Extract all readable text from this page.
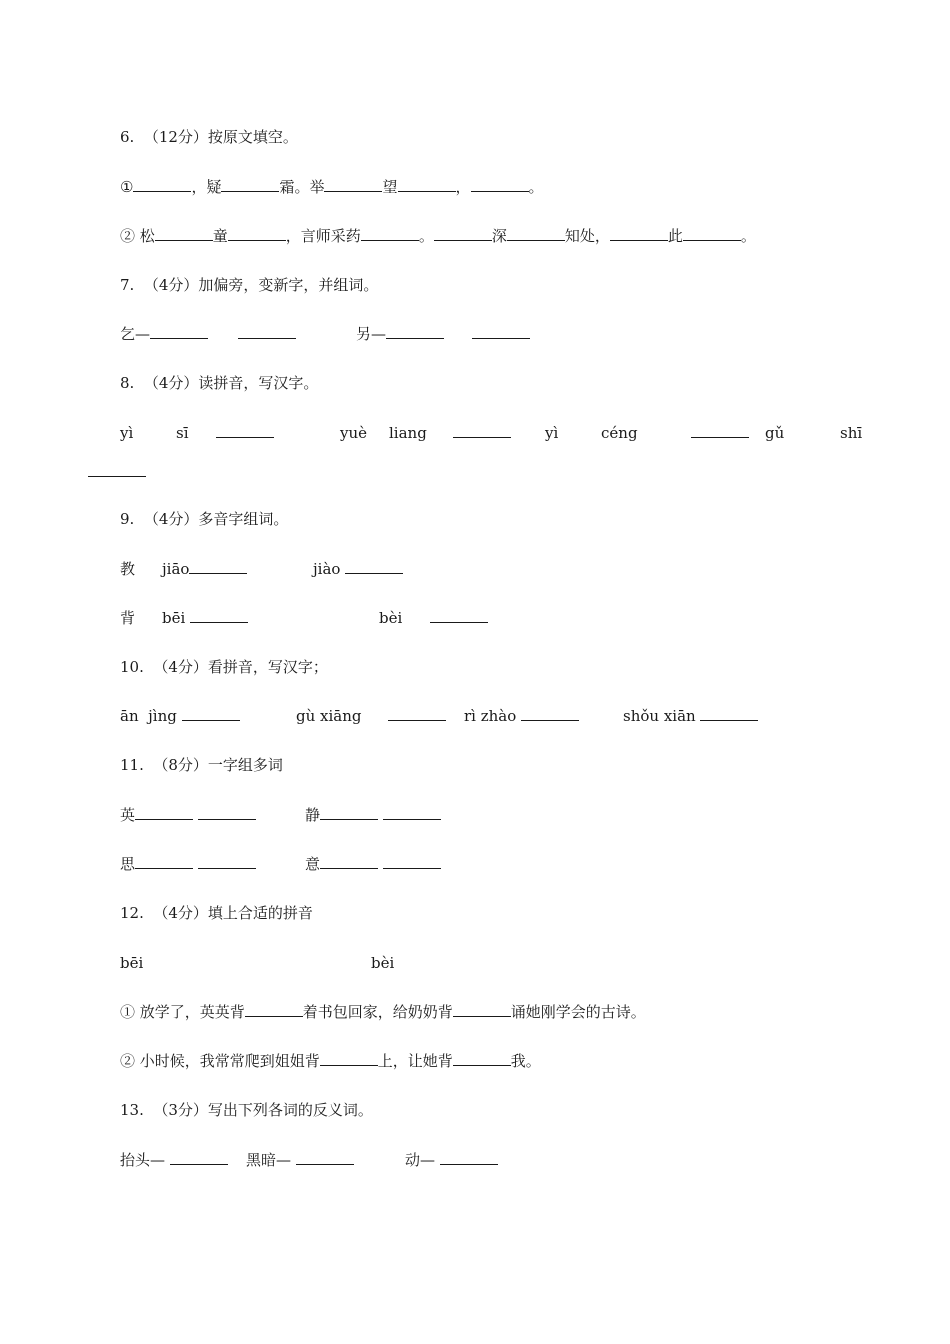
6.  （12分）按原文填空。
①	，疑	霜。举	望	，	。
② 松	童	，言师采药	。	深	知处，	此	。
7.  （4分）加偏旁，变新字，并组词。
乞—	另—
8.  （4分）读拼音，写汉字。
yì	sī	yuè liang	yì	céng	gǔ	shī
9.  （4分）多音字组词。
教 jiāo	jiào
背 bēi	bèi
10.  （4分）看拼音，写汉字；
ān  jìng	gù xiāng	rì zhào	shǒu xiān
11.  （8分）一字组多词
英	静
思	意
12.  （4分）填上合适的拼音
bēi	bèi
① 放学了，英英背	着书包回家，给奶奶背	诵她刚学会的古诗。
② 小时候，我常常爬到姐姐背	上，让她背	我。
13.  （3分）写出下列各词的反义词。
抬头—	黑暗—	动—
